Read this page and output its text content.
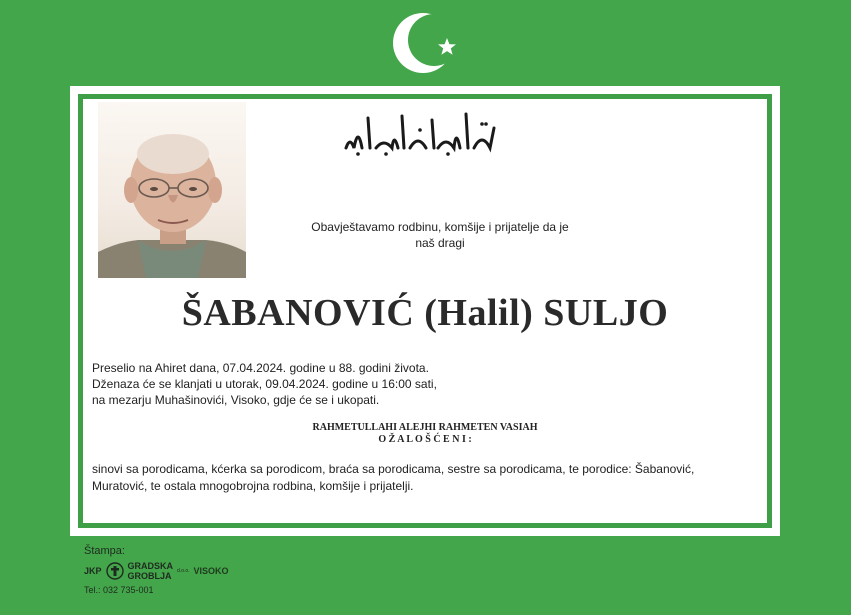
Obavještavamo rodbinu, komšije i prijatelje da je
naš dragi
ŠABANOVIĆ (Halil) SULJO
Preselio na Ahiret dana, 07.04.2024. godine u 88. godini života.
Dženaza će se klanjati u utorak, 09.04.2024. godine u 16:00 sati,
na mezarju Muhašinovići, Visoko, gdje će se i ukopati.
RAHMETULLAHI ALEJHI RAHMETEN VASIAH
O Ž A L O Š Ć E N I :
sinovi sa porodicama, kćerka sa porodicom, braća sa porodicama, sestre sa porodicama, te porodice: Šabanović, Muratović, te ostala mnogobrojna rodbina, komšije i prijatelji.
Štampa:
JKP	GRADSKA
GROBLJA	d.o.o. VISOKO
Tel.: 032 735-001
